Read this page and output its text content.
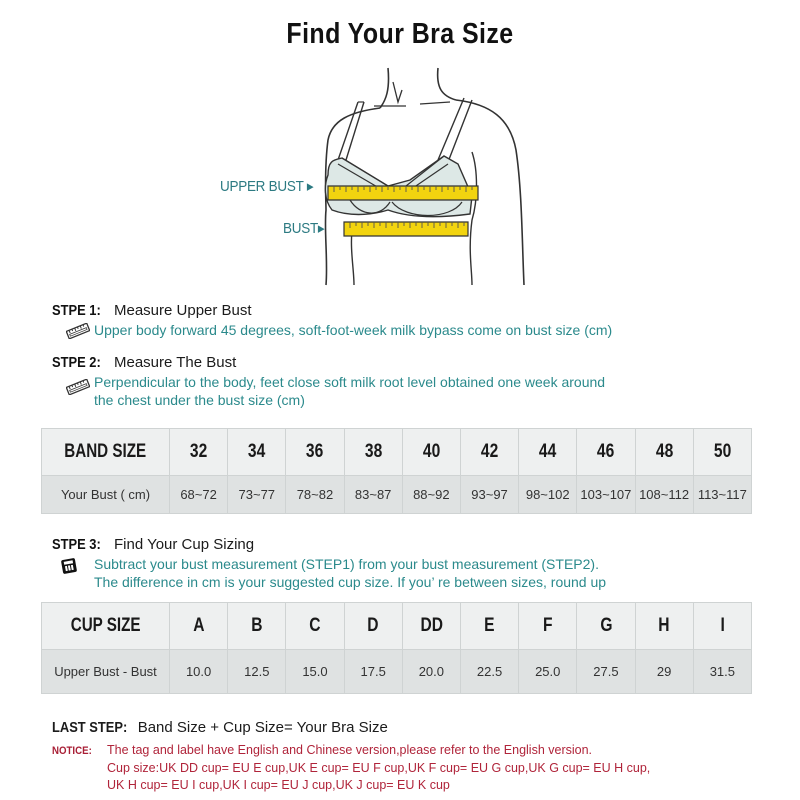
Find Your Bra Size
UPPER BUST ▸
BUST▸
STPE 1: Measure Upper Bust
Upper body forward 45 degrees, soft-foot-week milk bypass come on bust size (cm)
STPE 2: Measure The Bust
Perpendicular to the body, feet close soft milk root level obtained one week around
the chest under the bust size (cm)
BAND SIZE	32	34	36	38	40	42	44	46	48	50
Your Bust ( cm)	68~72	73~77	78~82	83~87	88~92	93~97	98~102	103~107	108~112	113~117
STPE 3: Find Your Cup Sizing
Subtract your bust measurement (STEP1) from your bust measurement (STEP2).
The difference in cm is your suggested cup size. If you’ re between sizes, round up
CUP SIZE	A	B	C	D	DD	E	F	G	H	I
Upper Bust - Bust	10.0	12.5	15.0	17.5	20.0	22.5	25.0	27.5	29	31.5
LAST STEP: Band Size + Cup Size= Your Bra Size
NOTICE: The tag and label have English and Chinese version,please refer to the English version.
Cup size:UK DD cup= EU E cup,UK E cup= EU F cup,UK F cup= EU G cup,UK G cup= EU H cup,
UK H cup= EU I cup,UK I cup= EU J cup,UK J cup= EU K cup
